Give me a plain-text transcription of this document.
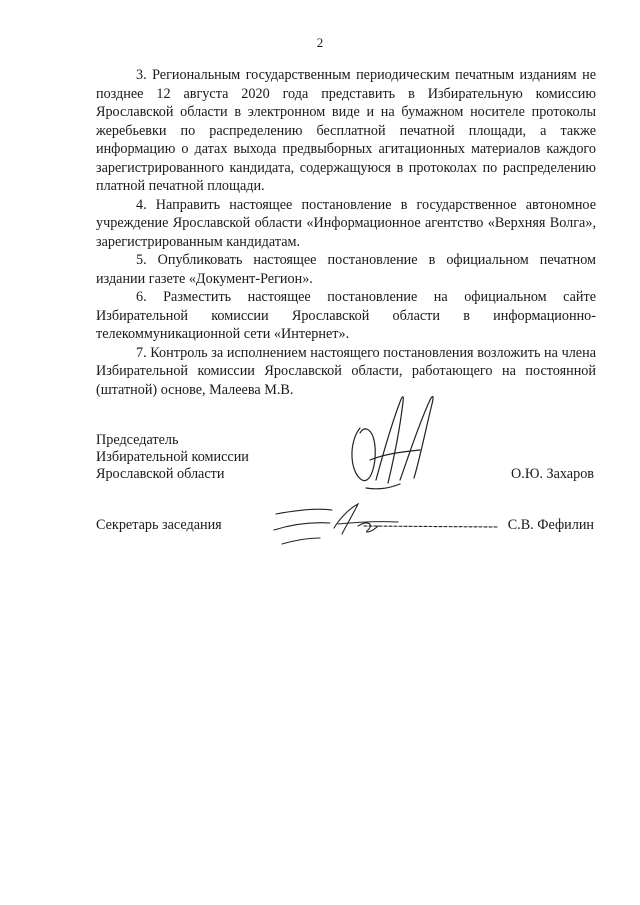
2

3. Региональным государственным периодическим печатным изданиям не позднее 12 августа 2020 года представить в Избирательную комиссию Ярославской области в электронном виде и на бумажном носителе протоколы жеребьевки по распределению бесплатной печатной площади, а также информацию о датах выхода предвыборных агитационных материалов каждого зарегистрированного кандидата, содержащуюся в протоколах по распределению платной печатной площади.

4. Направить настоящее постановление в государственное автономное учреждение Ярославской области «Информационное агентство «Верхняя Волга», зарегистрированным кандидатам.

5. Опубликовать настоящее постановление в официальном печатном издании газете «Документ-Регион».

6. Разместить настоящее постановление на официальном сайте Избирательной комиссии Ярославской области в информационно-телекоммуникационной сети «Интернет».

7. Контроль за исполнением настоящего постановления возложить на члена Избирательной комиссии Ярославской области, работающего на постоянной (штатной) основе, Малеева М.В.

Председатель
Избирательной комиссии
Ярославской области	О.Ю. Захаров
Секретарь заседания	С.В. Фефилин
